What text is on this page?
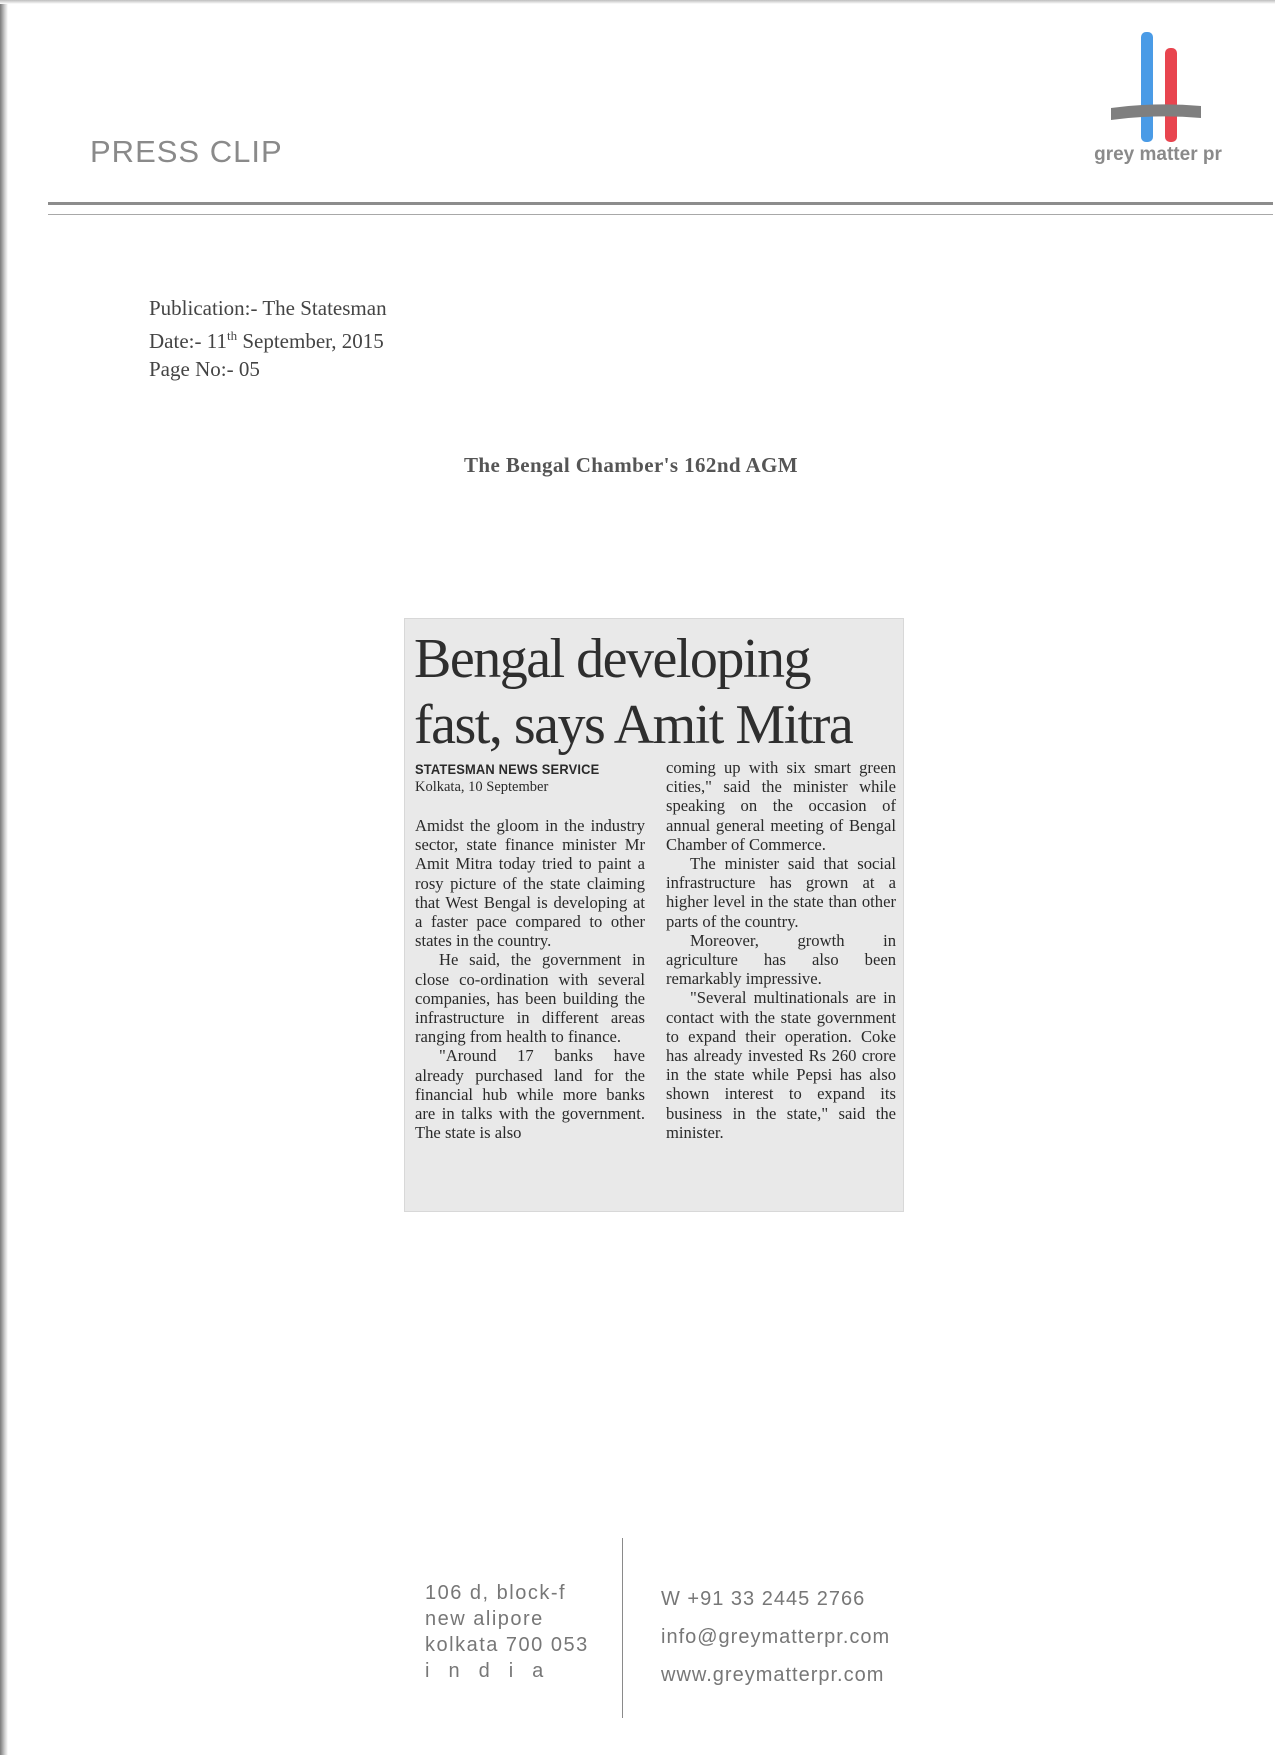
PRESS CLIP	grey matter pr
Publication:- The Statesman
Date:- 11th September, 2015
Page No:- 05
The Bengal Chamber's 162nd AGM
Bengal developing
fast, says Amit Mitra

STATESMAN NEWS SERVICE

Kolkata, 10 September

Amidst the gloom in the industry sector, state finance minister Mr Amit Mitra today tried to paint a rosy picture of the state claiming that West Bengal is developing at a faster pace compared to other states in the country.

He said, the government in close co-ordination with several companies, has been building the infrastructure in different areas ranging from health to finance.

"Around 17 banks have already purchased land for the financial hub while more banks are in talks with the government. The state is also

coming up with six smart green cities," said the minister while speaking on the occasion of annual general meeting of Bengal Chamber of Commerce.

The minister said that social infrastructure has grown at a higher level in the state than other parts of the country.

Moreover, growth in agriculture has also been remarkably impressive.

"Several multinationals are in contact with the state government to expand their operation. Coke has already invested Rs 260 crore in the state while Pepsi has also shown interest to expand its business in the state," said the minister.

106 d, block-f
new alipore
kolkata 700 053
india
W +91 33 2445 2766
info@greymatterpr.com
www.greymatterpr.com
